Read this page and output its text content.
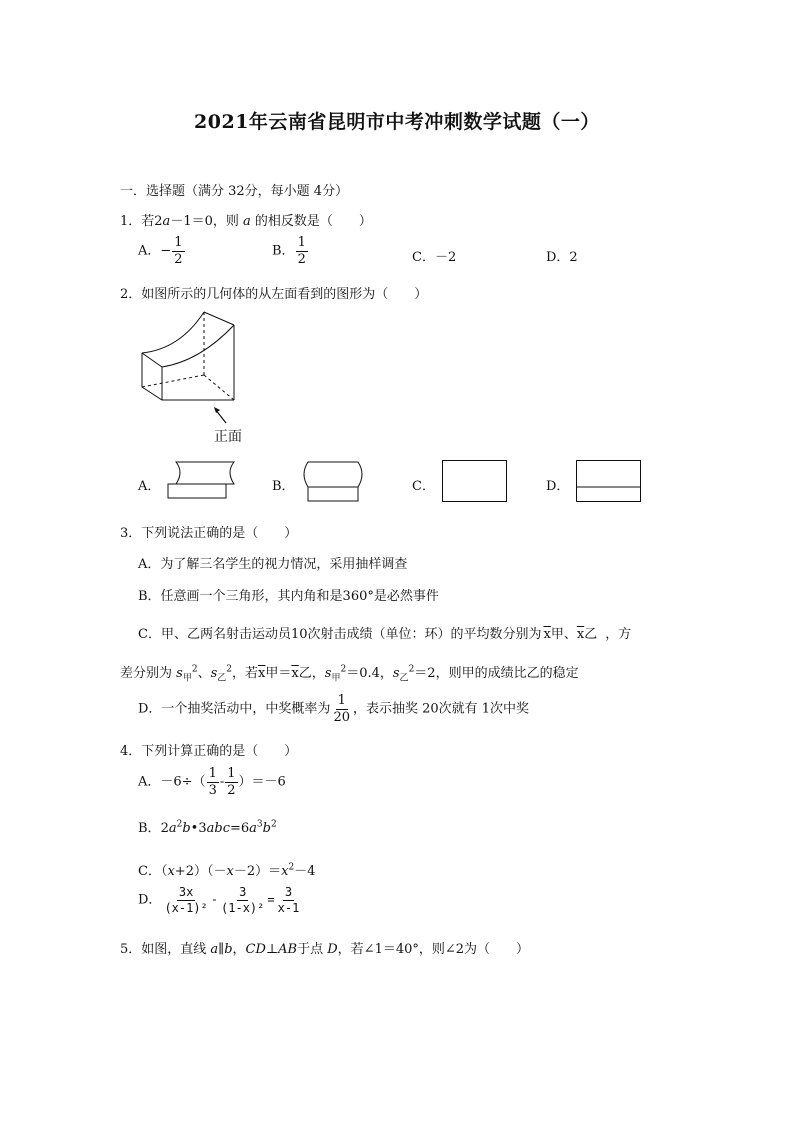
2021年云南省昆明市中考冲刺数学试题（一）
一．选择题（满分 32分，每小题 4分）
1．若2a－1＝0，则 a 的相反数是（　　）
A．− $\frac{1}{2}$	B． $\frac{1}{2}$	C．－2	D．2
2．如图所示的几何体的从左面看到的图形为（　　）
正面
A．	B．	C．	D．
3．下列说法正确的是（　　）
A．为了解三名学生的视力情况，采用抽样调查
B．任意画一个三角形，其内角和是360°是必然事件
C．甲、乙两名射击运动员10次射击成绩（单位：环）的平均数分别为 $\overline{x}$甲、$\overline{x}$乙 ，方
差分别为 $s_甲^2$、$s_乙^2$，若$\overline{x}$甲$=\overline{x}$乙，$s_甲^2=0.4$，$s_乙^2=2$，则甲的成绩比乙的稳定
D．一个抽奖活动中，中奖概率为 $\frac{1}{20}$ ，表示抽奖 20次就有 1次中奖
4．下列计算正确的是（　　）
A．$-6\div( \frac{1}{3} - \frac{1}{2} )=-6$
B．$2a^2b•3abc=6a^3b^2$
C．$(x+2)(-x-2)=x^2-4$
D． $\frac{3x}{\text{(x-1)²}} - \frac{3}{\text{(1-x)²}} = \frac{3}{x-1}$
5．如图，直线 a∥b，CD⊥AB于点 D，若∠1＝40°，则∠2为（　　）
